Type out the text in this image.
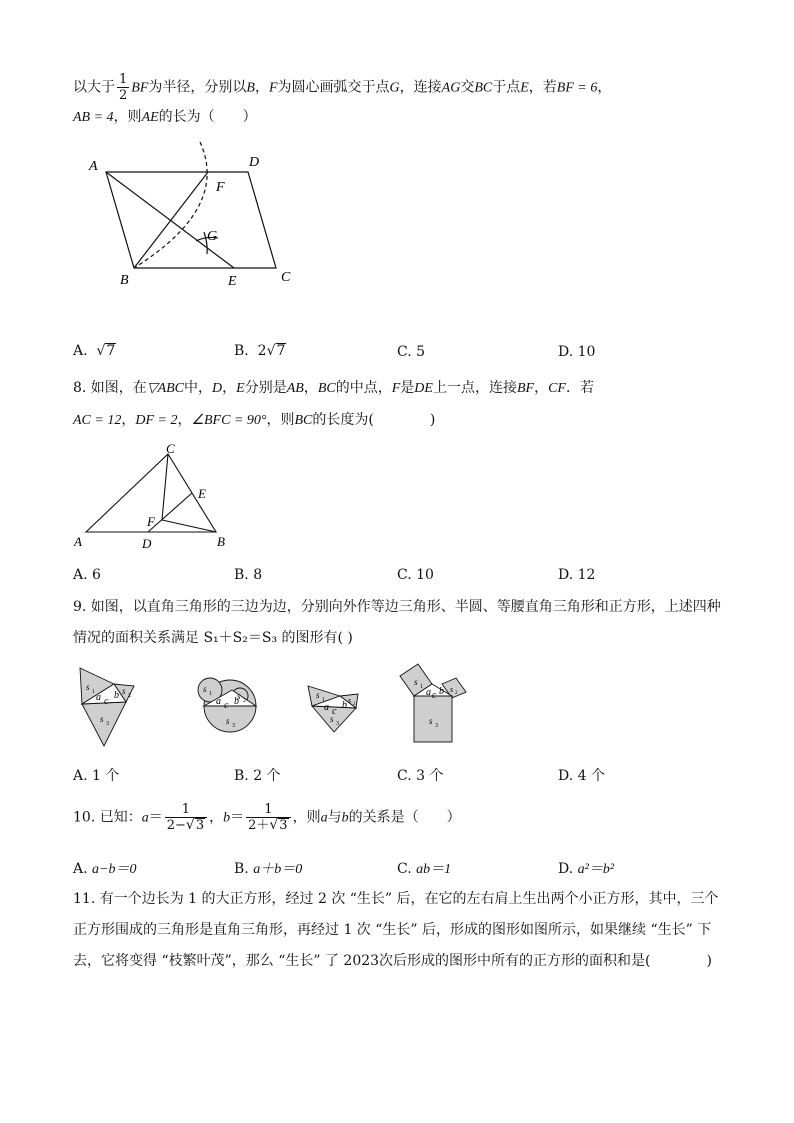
以大于 $\frac{1}{2}$ BF为半径，分别以B，F为圆心画弧交于点G，连接AG交BC于点E，若BF = 6，
AB = 4，则AE的长为（　　）
A	D
F
G
B	E	C
A. √7	B. 2√7	C. 5	D. 10
8. 如图，在▽ABC中，D，E分别是AB，BC的中点，F是DE上一点，连接BF，CF．若
AC = 12，DF = 2，∠BFC = 90°，则BC的长度为(　　　　)
C
E
F
A	D	B
A. 6	B. 8	C. 10	D. 12
9. 如图，以直角三角形的三边为边，分别向外作等边三角形、半圆、等腰直角三角形和正方形，上述四种
情况的面积关系满足 S₁＋S₂＝S₃ 的图形有( )
s 1	s 2
s 3
a c
b
s 1	s 2
s 3
a c b
s 1	s 2
s 3
a c
b
s 1	s 2
s 3
a c b
A. 1 个	B. 2 个	C. 3 个	D. 4 个
10. 已知：$a= \frac{1}{2-√3}$ ，$b= \frac{1}{2+√3}$ ，则a与b的关系是（　　）
A. a−b＝0	B. a＋b＝0	C. ab＝1	D. a²＝b²
11. 有一个边长为 1 的大正方形，经过 2 次 “生长” 后，在它的左右肩上生出两个小正方形，其中，三个
正方形围成的三角形是直角三角形，再经过 1 次 “生长” 后，形成的图形如图所示，如果继续 “生长” 下
去，它将变得 “枝繁叶茂”，那么 “生长” 了 2023次后形成的图形中所有的正方形的面积和是(　　　　)
